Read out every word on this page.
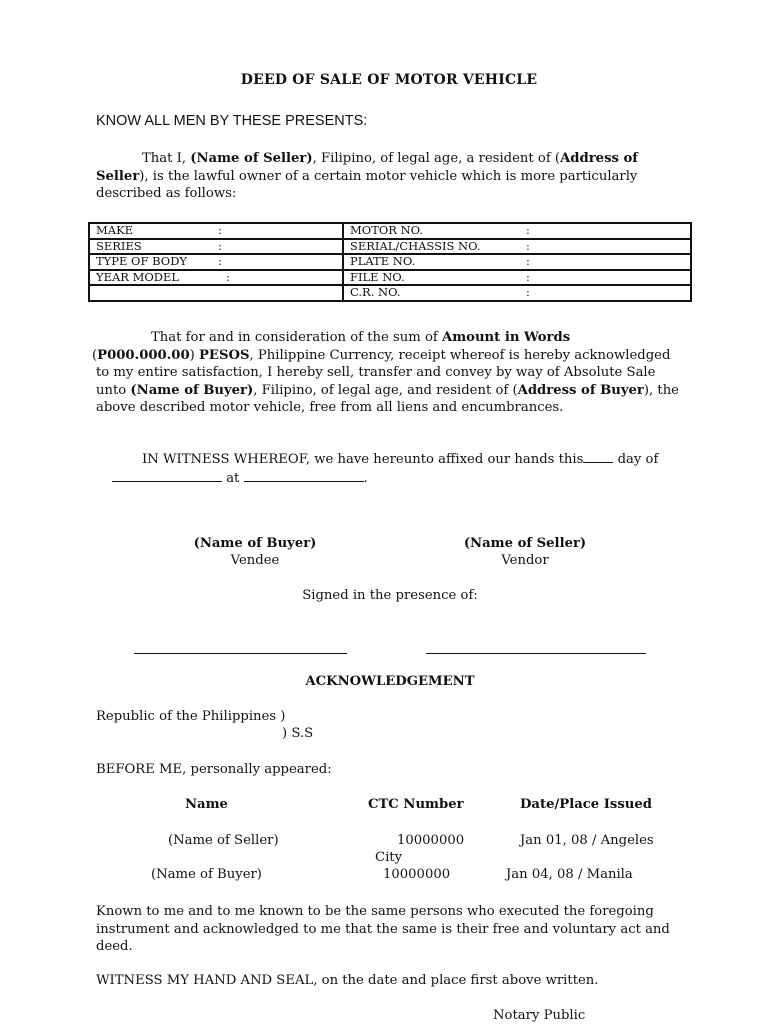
DEED OF SALE OF MOTOR VEHICLE
KNOW ALL MEN BY THESE PRESENTS:
That I, (Name of Seller), Filipino, of legal age, a resident of (Address of Seller), is the lawful owner of a certain motor vehicle which is more particularly described as follows:
MAKE :	MOTOR NO. :

SERIES :	SERIAL/CHASSIS NO. :

TYPE OF BODY :	PLATE NO. :

YEAR MODEL :	FILE NO. :

	C.R. NO. :
That for and in consideration of the sum of Amount in Words
(P000.000.00) PESOS, Philippine Currency, receipt whereof is hereby acknowledged to my entire satisfaction, I hereby sell, transfer and convey by way of Absolute Sale unto (Name of Buyer), Filipino, of legal age, and resident of (Address of Buyer), the above described motor vehicle, free from all liens and encumbrances.
IN WITNESS WHEREOF, we have hereunto affixed our hands this day of
at	.
(Name of Buyer)
Vendee
(Name of Seller)
Vendor
Signed in the presence of:
ACKNOWLEDGEMENT
Republic of the Philippines )
) S.S
BEFORE ME, personally appeared:
Name	CTC Number	Date/Place Issued
(Name of Seller)	10000000	Jan 01, 08 / Angeles
City
(Name of Buyer)	10000000	Jan 04, 08 / Manila
Known to me and to me known to be the same persons who executed the foregoing instrument and acknowledged to me that the same is their free and voluntary act and deed.
WITNESS MY HAND AND SEAL, on the date and place first above written.
Notary Public
